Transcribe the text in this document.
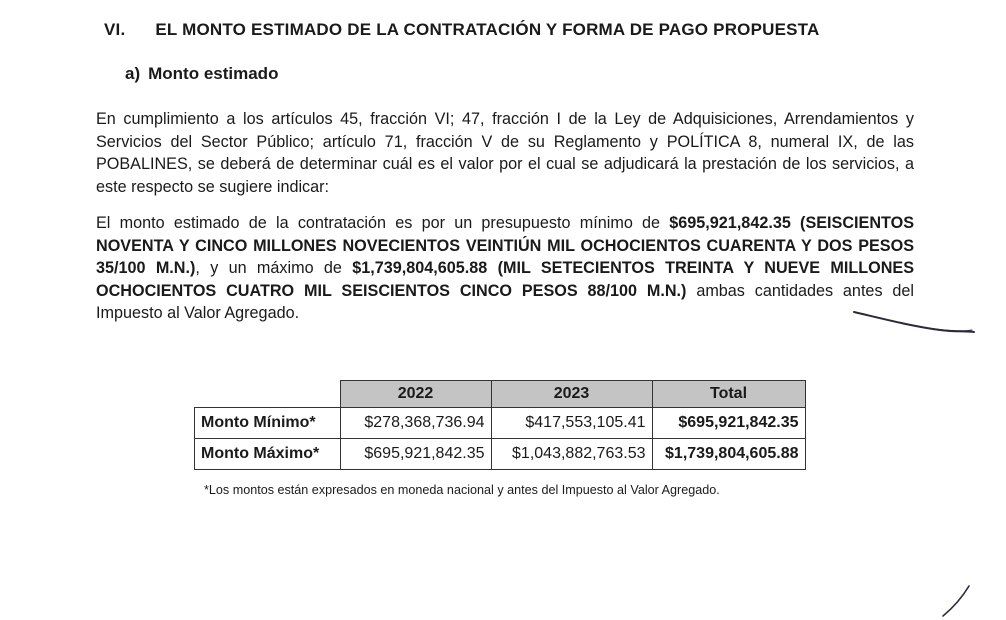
VI. EL MONTO ESTIMADO DE LA CONTRATACIÓN Y FORMA DE PAGO PROPUESTA
a) Monto estimado
En cumplimiento a los artículos 45, fracción VI; 47, fracción I de la Ley de Adquisiciones, Arrendamientos y Servicios del Sector Público; artículo 71, fracción V de su Reglamento y POLÍTICA 8, numeral IX, de las POBALINES, se deberá de determinar cuál es el valor por el cual se adjudicará la prestación de los servicios, a este respecto se sugiere indicar:
El monto estimado de la contratación es por un presupuesto mínimo de $695,921,842.35 (SEISCIENTOS NOVENTA Y CINCO MILLONES NOVECIENTOS VEINTIÚN MIL OCHOCIENTOS CUARENTA Y DOS PESOS 35/100 M.N.), y un máximo de $1,739,804,605.88 (MIL SETECIENTOS TREINTA Y NUEVE MILLONES OCHOCIENTOS CUATRO MIL SEISCIENTOS CINCO PESOS 88/100 M.N.) ambas cantidades antes del Impuesto al Valor Agregado.
	2022	2023	Total
Monto Mínimo*	$278,368,736.94	$417,553,105.41	$695,921,842.35
Monto Máximo*	$695,921,842.35	$1,043,882,763.53	$1,739,804,605.88
*Los montos están expresados en moneda nacional y antes del Impuesto al Valor Agregado.
